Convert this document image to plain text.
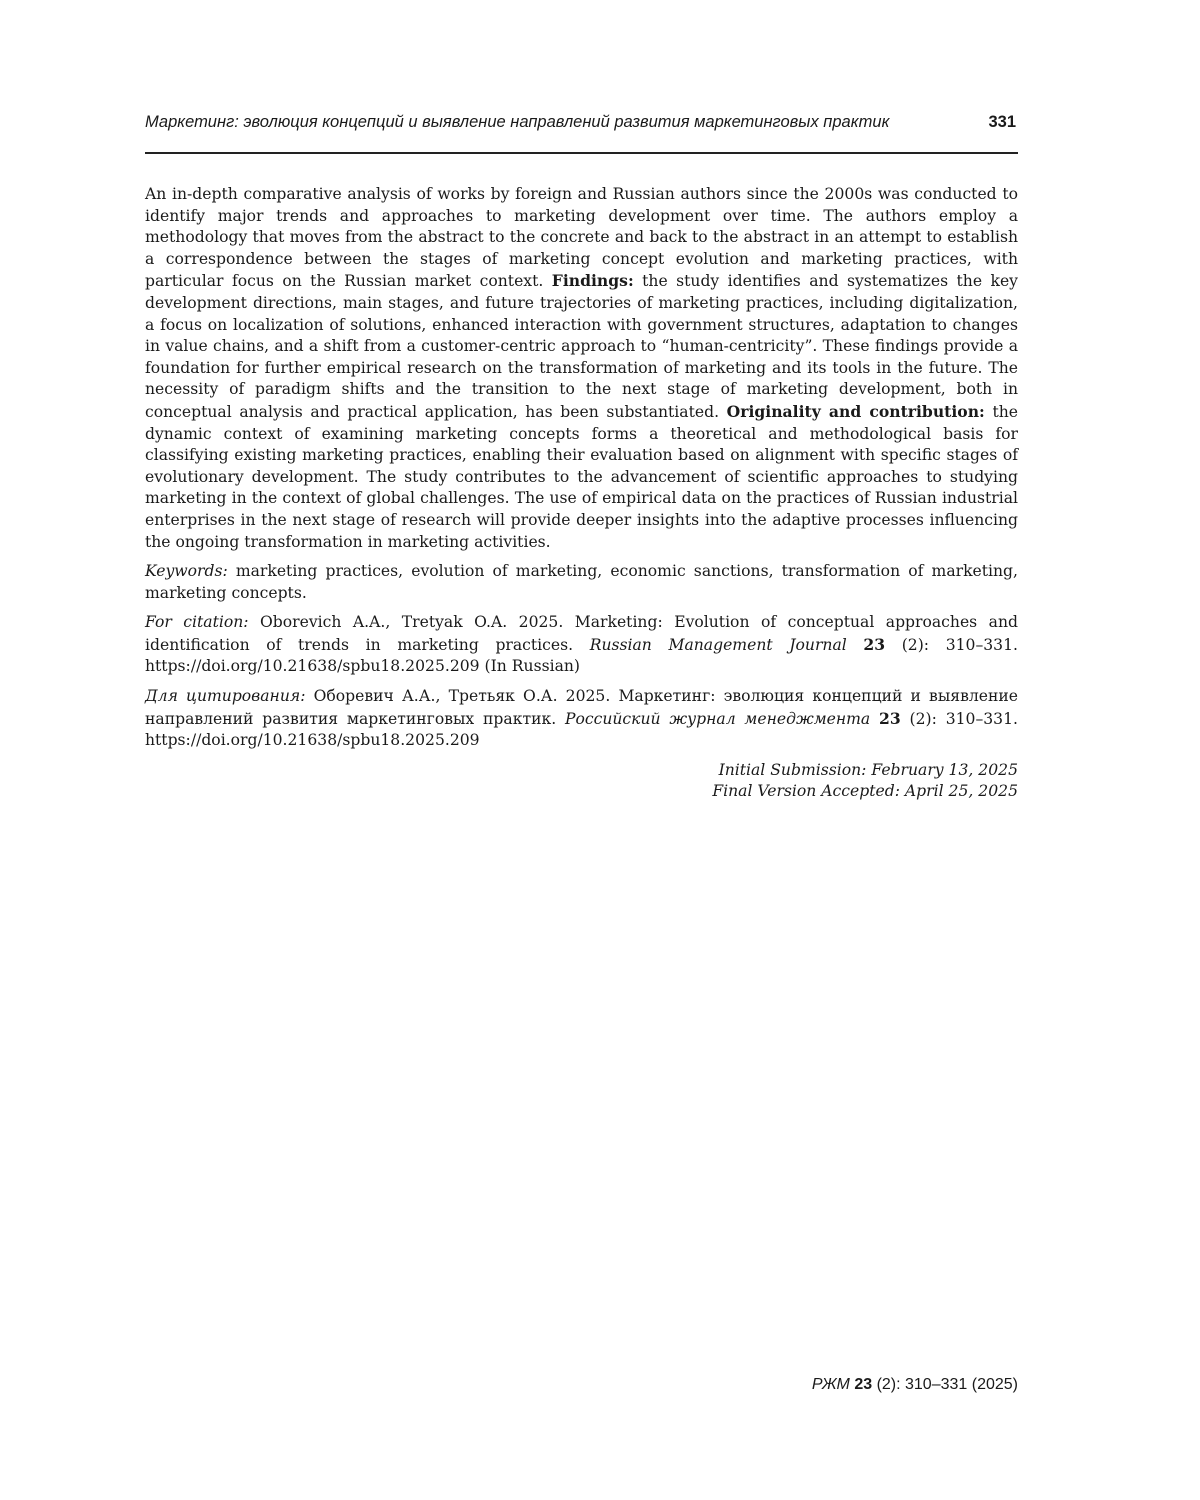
Маркетинг: эволюция концепций и выявление направлений развития маркетинговых практик	331

An in-depth comparative analysis of works by foreign and Russian authors since the 2000s was conducted to identify major trends and approaches to marketing development over time. The authors employ a methodology that moves from the abstract to the concrete and back to the abstract in an attempt to establish a correspondence between the stages of marketing concept evolution and marketing practices, with particular focus on the Russian market context. Findings: the study identifies and systematizes the key development directions, main stages, and future trajectories of marketing practices, including digitalization, a focus on localization of solutions, enhanced interaction with government structures, adaptation to changes in value chains, and a shift from a customer-centric approach to “human-centricity”. These findings provide a foundation for further empirical research on the transformation of marketing and its tools in the future. The necessity of paradigm shifts and the transition to the next stage of marketing development, both in conceptual analysis and practical application, has been substantiated. Originality and contribution: the dynamic context of examining marketing concepts forms a theoretical and methodological basis for classifying existing marketing practices, enabling their evaluation based on alignment with specific stages of evolutionary development. The study contributes to the advancement of scientific approaches to studying marketing in the context of global challenges. The use of empirical data on the practices of Russian industrial enterprises in the next stage of research will provide deeper insights into the adaptive processes influencing the ongoing transformation in marketing activities.

Keywords: marketing practices, evolution of marketing, economic sanctions, transformation of marketing, marketing concepts.

For citation: Oborevich A.A., Tretyak O.A. 2025. Marketing: Evolution of conceptual approaches and identification of trends in marketing practices. Russian Management Journal 23 (2): 310–331. https://doi.org/10.21638/spbu18.2025.209 (In Russian)

Для цитирования: Оборевич А.А., Третьяк О.А. 2025. Маркетинг: эволюция концепций и выявление направлений развития маркетинговых практик. Российский журнал менеджмента 23 (2): 310–331. https://doi.org/10.21638/spbu18.2025.209

Initial Submission: February 13, 2025
Final Version Accepted: April 25, 2025
РЖМ 23 (2): 310–331 (2025)
